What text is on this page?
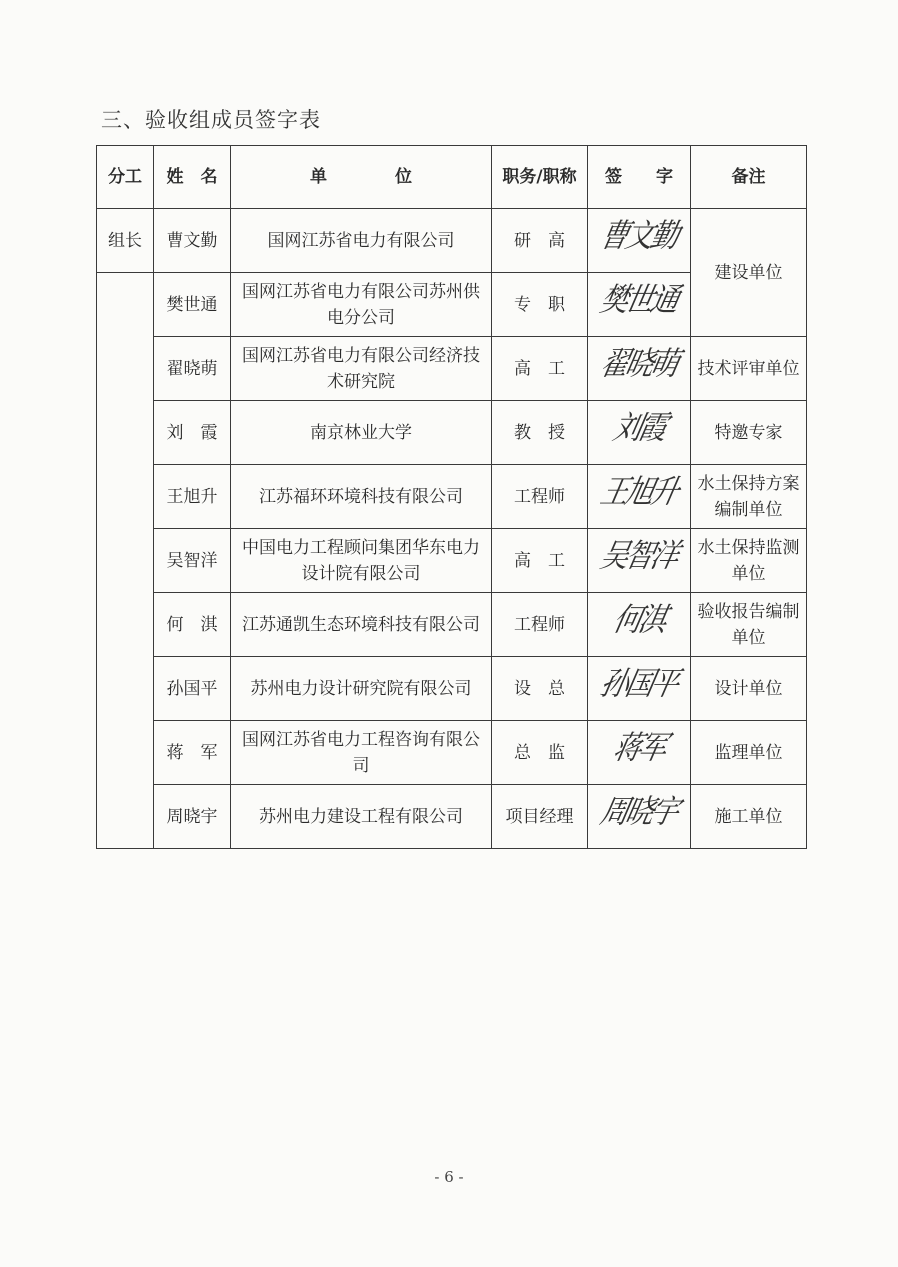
三、验收组成员签字表
分工	姓　名	单　　　　位	职务/职称	签　　字	备注
组长	曹文勤	国网江苏省电力有限公司	研　高	曹文勤	建设单位
	樊世通	国网江苏省电力有限公司苏州供电分公司	专　职	樊世通	
	翟晓萌	国网江苏省电力有限公司经济技术研究院	高　工	翟晓萌	技术评审单位
	刘　霞	南京林业大学	教　授	刘霞	特邀专家
	王旭升	江苏福环环境科技有限公司	工程师	王旭升	水土保持方案编制单位
	吴智洋	中国电力工程顾问集团华东电力设计院有限公司	高　工	吴智洋	水土保持监测单位
	何　淇	江苏通凯生态环境科技有限公司	工程师	何淇	验收报告编制单位
	孙国平	苏州电力设计研究院有限公司	设　总	孙国平	设计单位
	蒋　军	国网江苏省电力工程咨询有限公司	总　监	蒋军	监理单位
	周晓宇	苏州电力建设工程有限公司	项目经理	周晓宇	施工单位
- 6 -
